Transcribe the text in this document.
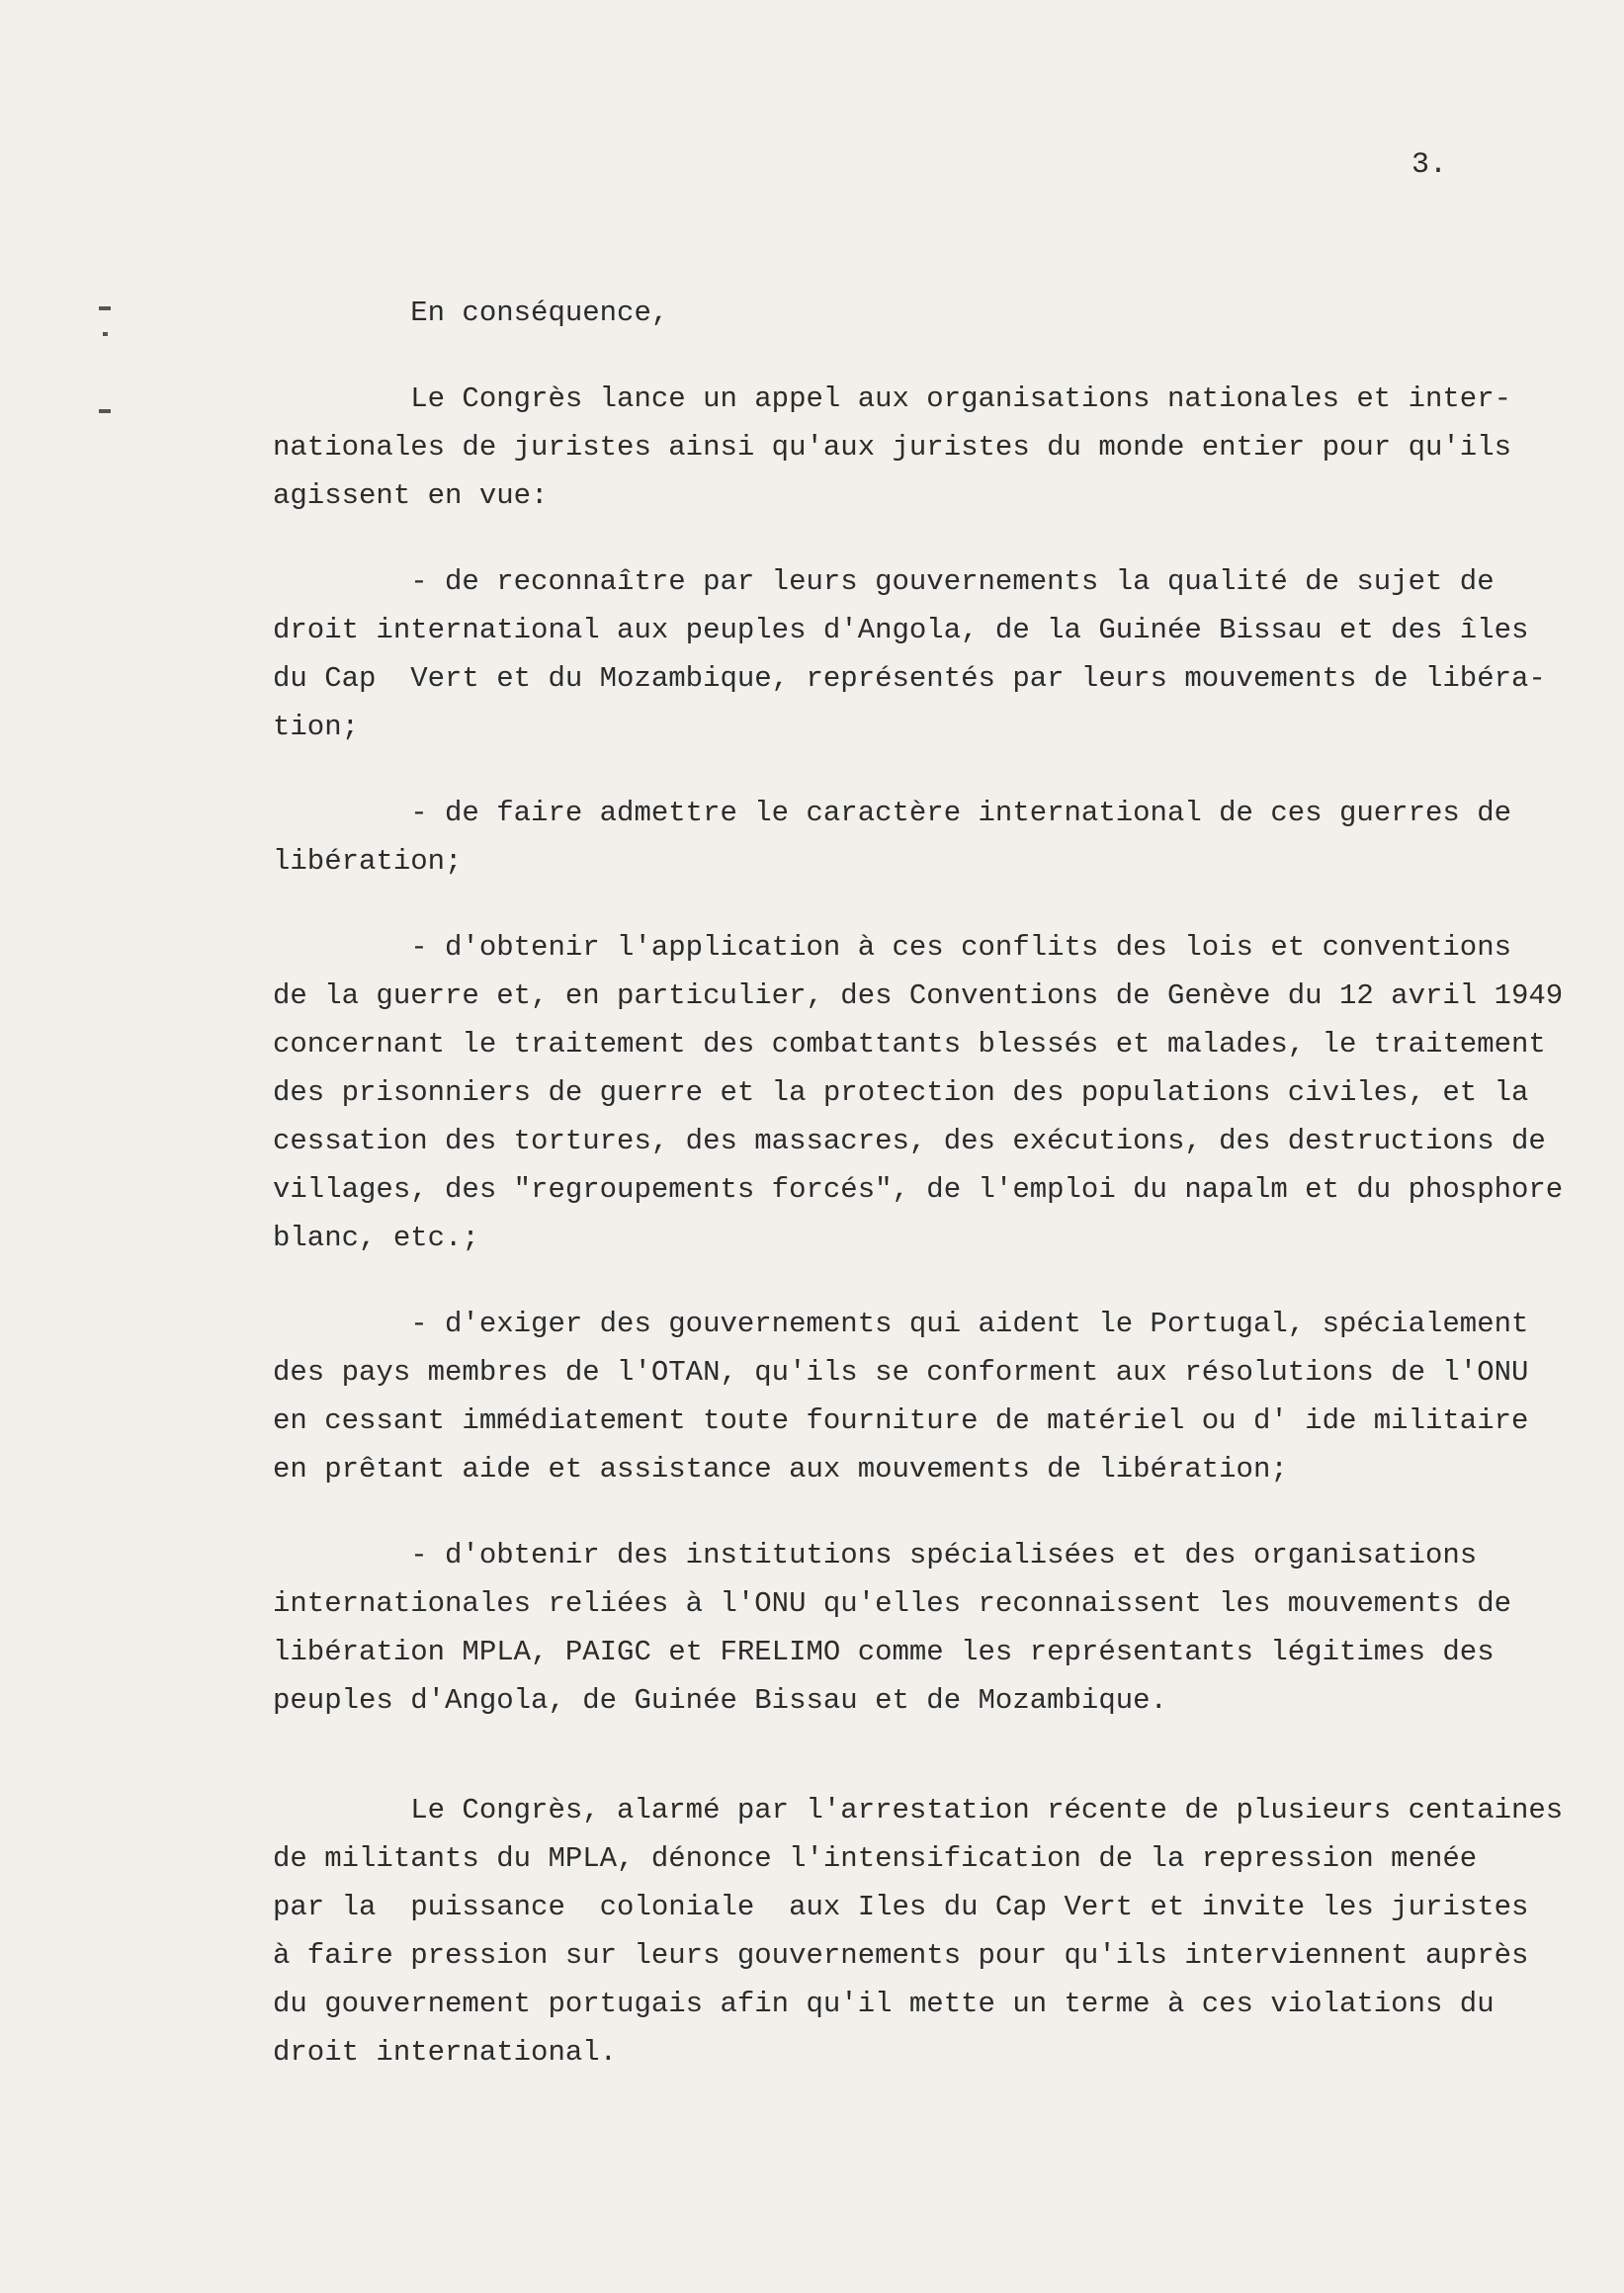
3.
En conséquence,
Le Congrès lance un appel aux organisations nationales et inter-
nationales de juristes ainsi qu'aux juristes du monde entier pour qu'ils
agissent en vue:
- de reconnaître par leurs gouvernements la qualité de sujet de
droit international aux peuples d'Angola, de la Guinée Bissau et des îles
du Cap  Vert et du Mozambique, représentés par leurs mouvements de libéra-
tion;
- de faire admettre le caractère international de ces guerres de
libération;
- d'obtenir l'application à ces conflits des lois et conventions
de la guerre et, en particulier, des Conventions de Genève du 12 avril 1949
concernant le traitement des combattants blessés et malades, le traitement
des prisonniers de guerre et la protection des populations civiles, et la
cessation des tortures, des massacres, des exécutions, des destructions de
villages, des "regroupements forcés", de l'emploi du napalm et du phosphore
blanc, etc.;
- d'exiger des gouvernements qui aident le Portugal, spécialement
des pays membres de l'OTAN, qu'ils se conforment aux résolutions de l'ONU
en cessant immédiatement toute fourniture de matériel ou d' ide militaire
en prêtant aide et assistance aux mouvements de libération;
- d'obtenir des institutions spécialisées et des organisations
internationales reliées à l'ONU qu'elles reconnaissent les mouvements de
libération MPLA, PAIGC et FRELIMO comme les représentants légitimes des
peuples d'Angola, de Guinée Bissau et de Mozambique.
Le Congrès, alarmé par l'arrestation récente de plusieurs centaines
de militants du MPLA, dénonce l'intensification de la repression menée
par la  puissance  coloniale  aux Iles du Cap Vert et invite les juristes
à faire pression sur leurs gouvernements pour qu'ils interviennent auprès
du gouvernement portugais afin qu'il mette un terme à ces violations du
droit international.
